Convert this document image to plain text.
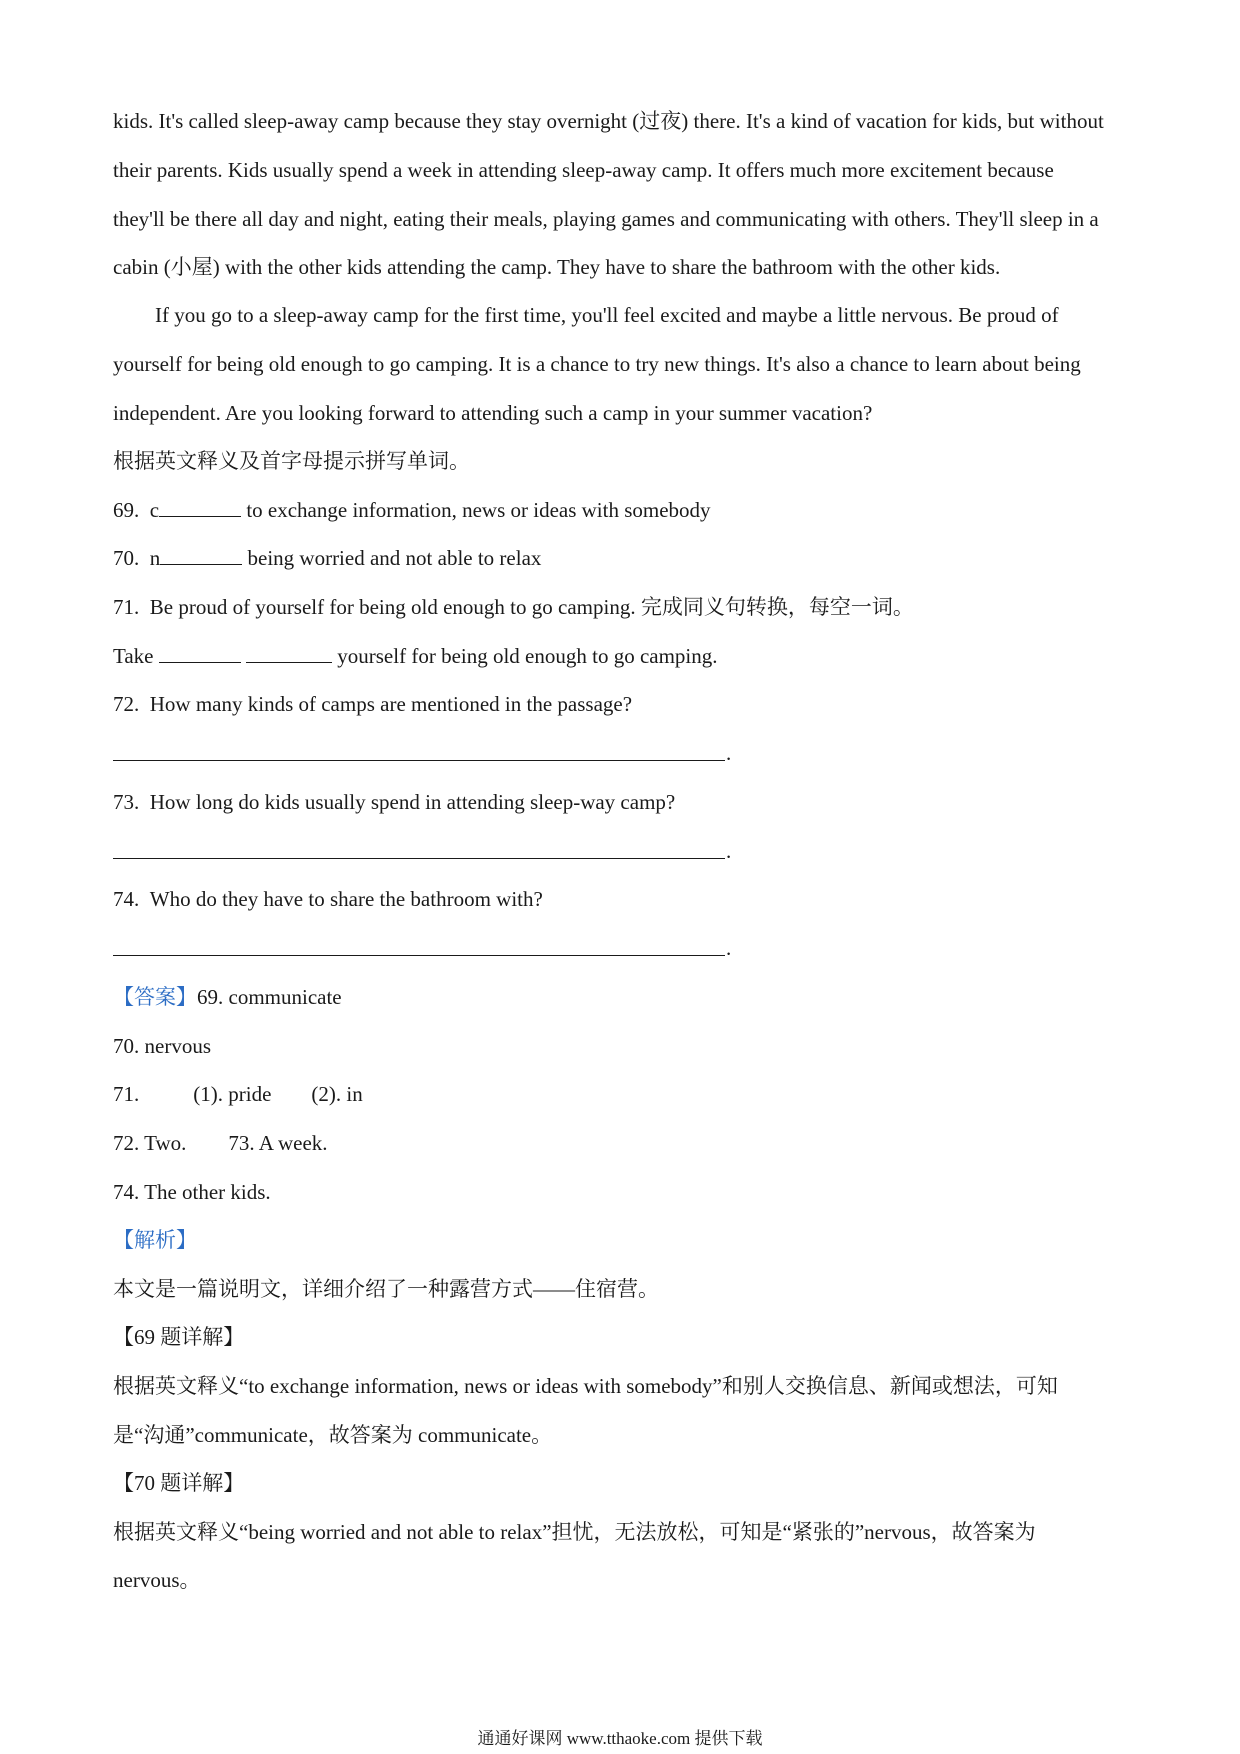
kids. It's called sleep-away camp because they stay overnight (过夜) there. It's a kind of vacation for kids, but without
their parents. Kids usually spend a week in attending sleep-away camp. It offers much more excitement because
they'll be there all day and night, eating their meals, playing games and communicating with others. They'll sleep in a
cabin (小屋) with the other kids attending the camp. They have to share the bathroom with the other kids.
If you go to a sleep-away camp for the first time, you'll feel excited and maybe a little nervous. Be proud of
yourself for being old enough to go camping. It is a chance to try new things. It's also a chance to learn about being
independent. Are you looking forward to attending such a camp in your summer vacation?
根据英文释义及首字母提示拼写单词。
69. c	to exchange information, news or ideas with somebody
70. n	being worried and not able to relax
71. Be proud of yourself for being old enough to go camping. 完成同义句转换，每空一词。
Take	yourself for being old enough to go camping.
72. How many kinds of camps are mentioned in the passage?
.
73. How long do kids usually spend in attending sleep-way camp?
.
74. Who do they have to share the bathroom with?
.
【答案】69. communicate
70. nervous
71.	(1). pride (2). in
72. Two. 73. A week.
74. The other kids.
【解析】
本文是一篇说明文，详细介绍了一种露营方式——住宿营。
【69 题详解】
根据英文释义“to exchange information, news or ideas with somebody”和别人交换信息、新闻或想法，可知
是“沟通”communicate，故答案为 communicate。
【70 题详解】
根据英文释义“being worried and not able to relax”担忧，无法放松，可知是“紧张的”nervous，故答案为
nervous。
通通好课网 www.tthaoke.com 提供下载
